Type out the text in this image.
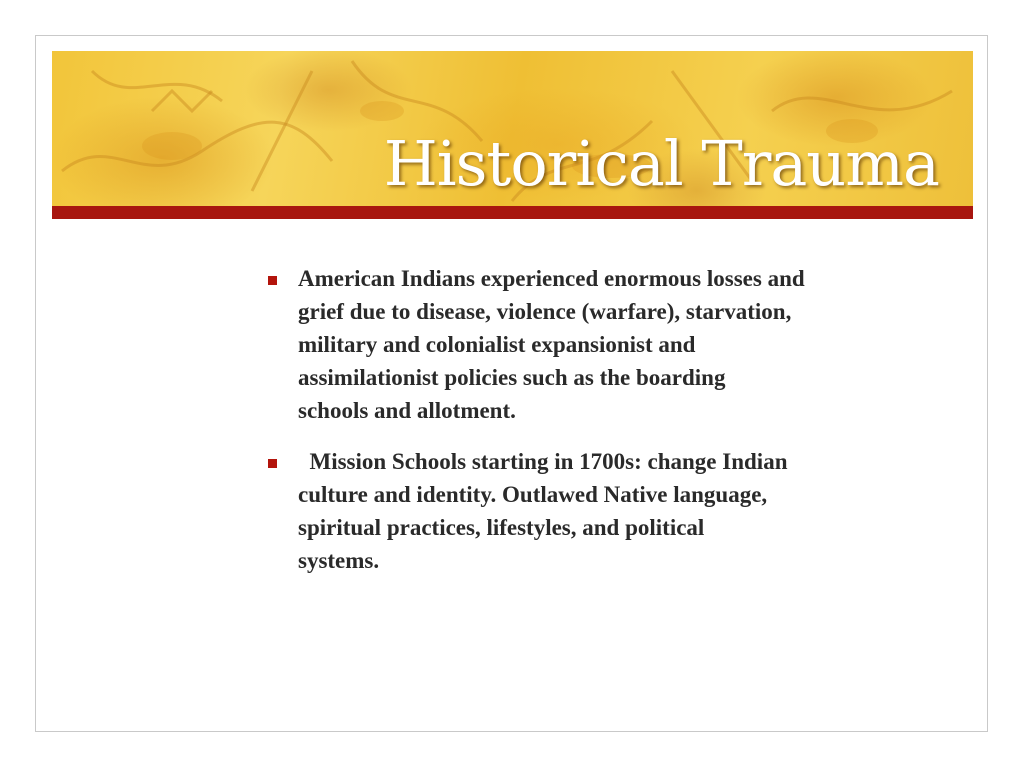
Historical Trauma
American Indians experienced enormous losses and
grief due to disease, violence (warfare), starvation,
military and colonialist expansionist and
assimilationist policies such as the boarding
schools and allotment.
Mission Schools starting in 1700s: change Indian
culture and identity. Outlawed Native language,
spiritual practices, lifestyles, and political
systems.
